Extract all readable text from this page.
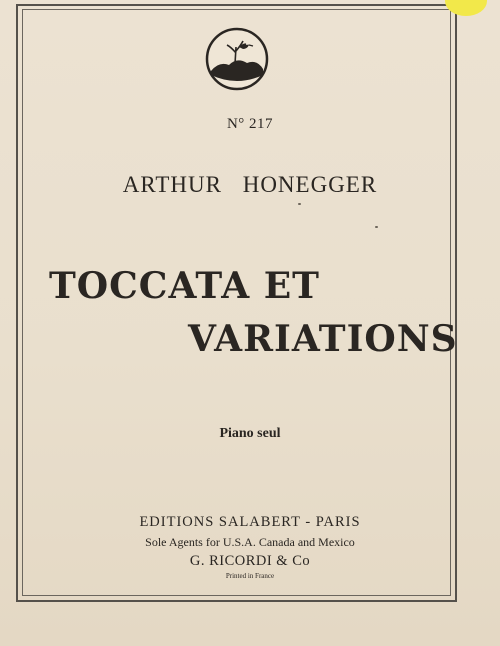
N° 217
ARTHUR HONEGGER
TOCCATA ET
VARIATIONS
Piano seul
EDITIONS SALABERT - PARIS
Sole Agents for U.S.A. Canada and Mexico
G. RICORDI & Co
Printed in France
